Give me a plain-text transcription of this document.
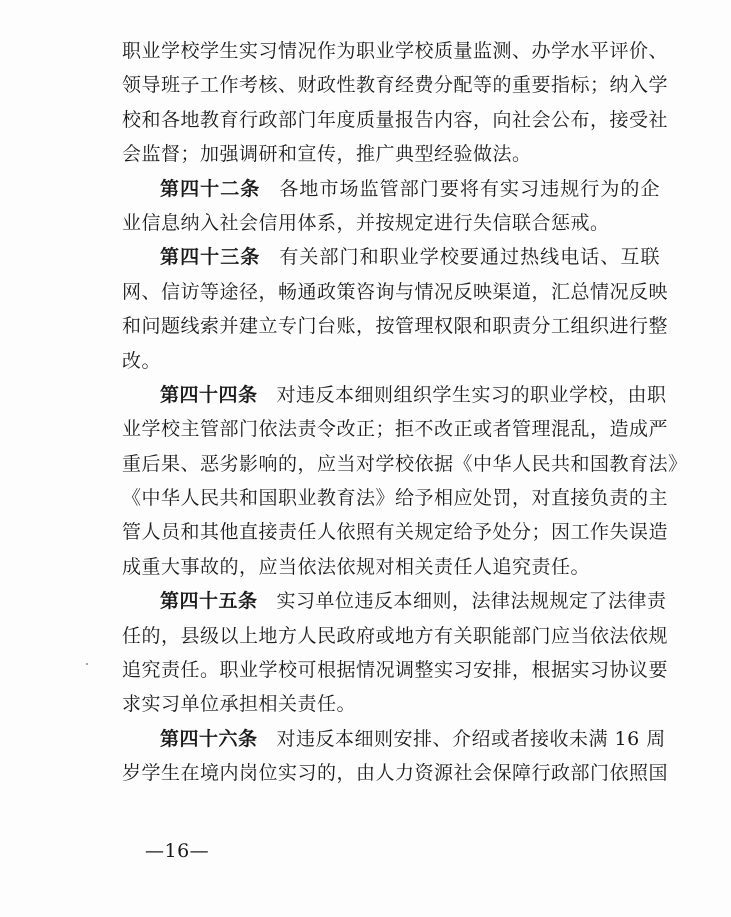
职业学校学生实习情况作为职业学校质量监测、办学水平评价、
领导班子工作考核、财政性教育经费分配等的重要指标；纳入学
校和各地教育行政部门年度质量报告内容，向社会公布，接受社
会监督；加强调研和宣传，推广典型经验做法。
第四十二条 各地市场监管部门要将有实习违规行为的企
业信息纳入社会信用体系，并按规定进行失信联合惩戒。
第四十三条 有关部门和职业学校要通过热线电话、互联
网、信访等途径，畅通政策咨询与情况反映渠道，汇总情况反映
和问题线索并建立专门台账，按管理权限和职责分工组织进行整
改。
第四十四条 对违反本细则组织学生实习的职业学校，由职
业学校主管部门依法责令改正；拒不改正或者管理混乱，造成严
重后果、恶劣影响的，应当对学校依据《中华人民共和国教育法》
《中华人民共和国职业教育法》给予相应处罚，对直接负责的主
管人员和其他直接责任人依照有关规定给予处分；因工作失误造
成重大事故的，应当依法依规对相关责任人追究责任。
第四十五条 实习单位违反本细则，法律法规规定了法律责
任的，县级以上地方人民政府或地方有关职能部门应当依法依规
追究责任。职业学校可根据情况调整实习安排，根据实习协议要
求实习单位承担相关责任。
第四十六条 对违反本细则安排、介绍或者接收未满 16 周
岁学生在境内岗位实习的，由人力资源社会保障行政部门依照国
—16—
